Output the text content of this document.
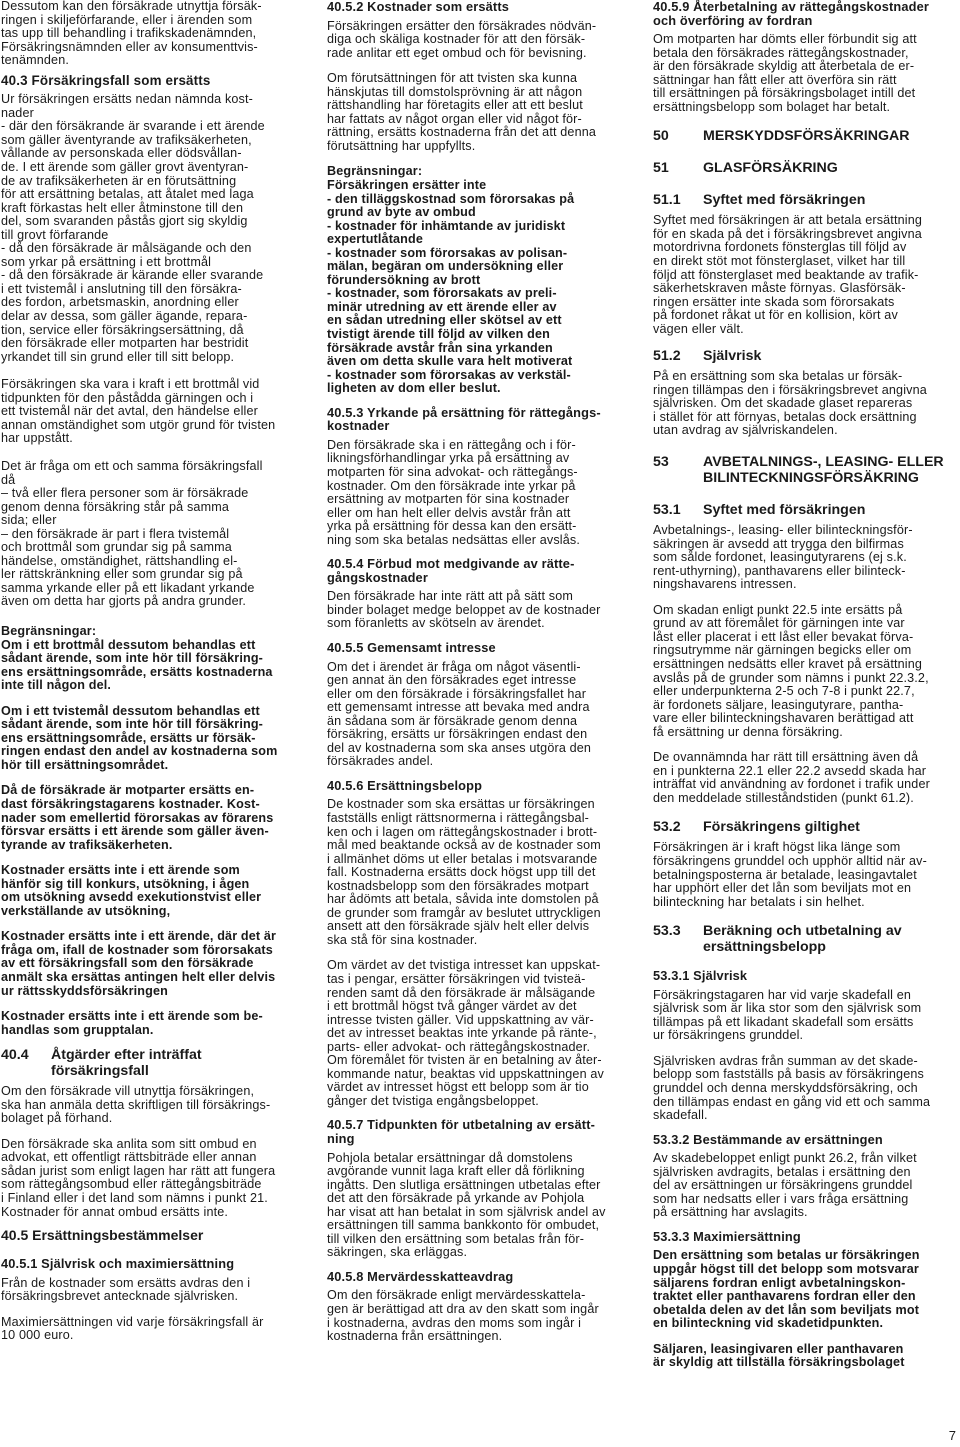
Dessutom kan den försäkrade utnyttja försäk-
ringen i skiljeförfarande, eller i ärenden som
tas upp till behandling i trafikskadenämnden,
Försäkringsnämnden eller av konsumenttvis-
tenämnden.

40.3 Försäkringsfall som ersätts

Ur försäkringen ersätts nedan nämnda kost-
nader
- där den försäkrande är svarande i ett ärende
som gäller äventyrande av trafiksäkerheten,
vållande av personskada eller dödsvållan-
de. I ett ärende som gäller grovt äventyran-
de av trafiksäkerheten är en förutsättning
för att ersättning betalas, att åtalet med laga
kraft förkastas helt eller åtminstone till den
del, som svaranden påstås gjort sig skyldig
till grovt förfarande
- då den försäkrade är målsägande och den
som yrkar på ersättning i ett brottmål
- då den försäkrade är kärande eller svarande
i ett tvistemål i anslutning till den försäkra-
des fordon, arbetsmaskin, anordning eller
delar av dessa, som gäller ägande, repara-
tion, service eller försäkringsersättning, då
den försäkrade eller motparten har bestridit
yrkandet till sin grund eller till sitt belopp.

Försäkringen ska vara i kraft i ett brottmål vid
tidpunkten för den påstådda gärningen och i
ett tvistemål när det avtal, den händelse eller
annan omständighet som utgör grund för tvisten
har uppstått.

Det är fråga om ett och samma försäkringsfall
då
– två eller flera personer som är försäkrade
genom denna försäkring står på samma
sida; eller
– den försäkrade är part i flera tvistemål
och brottmål som grundar sig på samma
händelse, omständighet, rättshandling el-
ler rättskränkning eller som grundar sig på
samma yrkande eller på ett likadant yrkande
även om detta har gjorts på andra grunder.

Begränsningar:
Om i ett brottmål dessutom behandlas ett
sådant ärende, som inte hör till försäkring-
ens ersättningsområde, ersätts kostnaderna
inte till någon del.

Om i ett tvistemål dessutom behandlas ett
sådant ärende, som inte hör till försäkring-
ens ersättningsområde, ersätts ur försäk-
ringen endast den andel av kostnaderna som
hör till ersättningsområdet.

Då de försäkrade är motparter ersätts en-
dast försäkringstagarens kostnader. Kost-
nader som emellertid förorsakas av förarens
försvar ersätts i ett ärende som gäller även-
tyrande av trafiksäkerheten.

Kostnader ersätts inte i ett ärende som
hänför sig till konkurs, utsökning, i ågen
om utsökning avsedd exekutionstvist eller
verkställande av utsökning,

Kostnader ersätts inte i ett ärende, där det är
fråga om, ifall de kostnader som förorsakats
av ett försäkringsfall som den försäkrade
anmält ska ersättas antingen helt eller delvis
ur rättsskyddsförsäkringen

Kostnader ersätts inte i ett ärende som be-
handlas som grupptalan.

40.4	Åtgärder efter inträffat
försäkringsfall

Om den försäkrade vill utnyttja försäkringen,
ska han anmäla detta skriftligen till försäkrings-
bolaget på förhand.

Den försäkrade ska anlita som sitt ombud en
advokat, ett offentligt rättsbiträde eller annan
sådan jurist som enligt lagen har rätt att fungera
som rättegångsombud eller rättegångsbiträde
i Finland eller i det land som nämns i punkt 21.
Kostnader för annat ombud ersätts inte.

40.5 Ersättningsbestämmelser

40.5.1 Självrisk och maximiersättning

Från de kostnader som ersätts avdras den i
försäkringsbrevet antecknade självrisken.

Maximiersättningen vid varje försäkringsfall är
10 000 euro.

40.5.2 Kostnader som ersätts

Försäkringen ersätter den försäkrades nödvän-
diga och skäliga kostnader för att den försäk-
rade anlitar ett eget ombud och för bevisning.

Om förutsättningen för att tvisten ska kunna
hänskjutas till domstolsprövning är att någon
rättshandling har företagits eller att ett beslut
har fattats av något organ eller vid något för-
rättning, ersätts kostnaderna från det att denna
förutsättning har uppfyllts.

Begränsningar:
Försäkringen ersätter inte
- den tilläggskostnad som förorsakas på
grund av byte av ombud
- kostnader för inhämtande av juridiskt
expertutlåtande
- kostnader som förorsakas av polisan-
mälan, begäran om undersökning eller
förundersökning av brott
- kostnader, som förorsakats av preli-
minär utredning av ett ärende eller av
en sådan utredning eller skötsel av ett
tvistigt ärende till följd av vilken den
försäkrade avstår från sina yrkanden
även om detta skulle vara helt motiverat
- kostnader som förorsakas av verkstäl-
ligheten av dom eller beslut.

40.5.3 Yrkande på ersättning för rättegångs-
kostnader

Den försäkrade ska i en rättegång och i för-
likningsförhandlingar yrka på ersättning av
motparten för sina advokat- och rättegångs-
kostnader. Om den försäkrade inte yrkar på
ersättning av motparten för sina kostnader
eller om han helt eller delvis avstår från att
yrka på ersättning för dessa kan den ersätt-
ning som ska betalas nedsättas eller avslås.

40.5.4 Förbud mot medgivande av rätte-
gångskostnader

Den försäkrade har inte rätt att på sätt som
binder bolaget medge beloppet av de kostnader
som föranletts av skötseln av ärendet.

40.5.5 Gemensamt intresse

Om det i ärendet är fråga om något väsentli-
gen annat än den försäkrades eget intresse
eller om den försäkrade i försäkringsfallet har
ett gemensamt intresse att bevaka med andra
än sådana som är försäkrade genom denna
försäkring, ersätts ur försäkringen endast den
del av kostnaderna som ska anses utgöra den
försäkrades andel.

40.5.6 Ersättningsbelopp

De kostnader som ska ersättas ur försäkringen
fastställs enligt rättsnormerna i rättegångsbal-
ken och i lagen om rättegångskostnader i brott-
mål med beaktande också av de kostnader som
i allmänhet döms ut eller betalas i motsvarande
fall. Kostnaderna ersätts dock högst upp till det
kostnadsbelopp som den försäkrades motpart
har ådömts att betala, såvida inte domstolen på
de grunder som framgår av beslutet uttryckligen
ansett att den försäkrade själv helt eller delvis
ska stå för sina kostnader.

Om värdet av det tvistiga intresset kan uppskat-
tas i pengar, ersätter försäkringen vid tvisteä-
renden samt då den försäkrade är målsägande
i ett brottmål högst två gånger värdet av det
intresse tvisten gäller. Vid uppskattning av vär-
det av intresset beaktas inte yrkande på ränte-,
parts- eller advokat- och rättegångskostnader.
Om föremålet för tvisten är en betalning av åter-
kommande natur, beaktas vid uppskattningen av
värdet av intresset högst ett belopp som är tio
gånger det tvistiga engångsbeloppet.

40.5.7 Tidpunkten för utbetalning av ersätt-
ning

Pohjola betalar ersättningar då domstolens
avgörande vunnit laga kraft eller då förlikning
ingåtts. Den slutliga ersättningen utbetalas efter
det att den försäkrade på yrkande av Pohjola
har visat att han betalat in som självrisk andel av
ersättningen till samma bankkonto för ombudet,
till vilken den ersättning som betalas från för-
säkringen, ska erläggas.

40.5.8 Mervärdesskatteavdrag

Om den försäkrade enligt mervärdesskattela-
gen är berättigad att dra av den skatt som ingår
i kostnaderna, avdras den moms som ingår i
kostnaderna från ersättningen.

40.5.9 Återbetalning av rättegångskostnader
och överföring av fordran

Om motparten har dömts eller förbundit sig att
betala den försäkrades rättegångskostnader,
är den försäkrade skyldig att återbetala de er-
sättningar han fått eller att överföra sin rätt
till ersättningen på försäkringsbolaget intill det
ersättningsbelopp som bolaget har betalt.

50	MERSKYDDSFÖRSÄKRINGAR
51	GLASFÖRSÄKRING
51.1	Syftet med försäkringen

Syftet med försäkringen är att betala ersättning
för en skada på det i försäkringsbrevet angivna
motordrivna fordonets fönsterglas till följd av
en direkt stöt mot fönsterglaset, vilket har till
följd att fönsterglaset med beaktande av trafik-
säkerhetskraven måste förnyas. Glasförsäk-
ringen ersätter inte skada som förorsakats
på fordonet råkat ut för en kollision, kört av
vägen eller vält.

51.2	Självrisk

På en ersättning som ska betalas ur försäk-
ringen tillämpas den i försäkringsbrevet angivna
självrisken. Om det skadade glaset repareras
i stället för att förnyas, betalas dock ersättning
utan avdrag av självriskandelen.

53	AVBETALNINGS-, LEASING- ELLER
BILINTECKNINGSFÖRSÄKRING
53.1	Syftet med försäkringen

Avbetalnings-, leasing- eller bilinteckningsför-
säkringen är avsedd att trygga den bilfirmas
som sålde fordonet, leasingutyrarens (ej s.k.
rent-uthyrning), panthavarens eller bilinteck-
ningshavarens intressen.

Om skadan enligt punkt 22.5 inte ersätts på
grund av att föremålet för gärningen inte var
låst eller placerat i ett låst eller bevakat förva-
ringsutrymme när gärningen begicks eller om
ersättningen nedsätts eller kravet på ersättning
avslås på de grunder som nämns i punkt 22.3.2,
eller underpunkterna 2-5 och 7-8 i punkt 22.7,
är fordonets säljare, leasingutyrare, pantha-
vare eller bilinteckningshavaren berättigad att
få ersättning ur denna försäkring.

De ovannämnda har rätt till ersättning även då
en i punkterna 22.1 eller 22.2 avsedd skada har
inträffat vid användning av fordonet i trafik under
den meddelade stilleståndstiden (punkt 61.2).

53.2	Försäkringens giltighet

Försäkringen är i kraft högst lika länge som
försäkringens grunddel och upphör alltid när av-
betalningsposterna är betalade, leasingavtalet
har upphört eller det lån som beviljats mot en
bilinteckning har betalats i sin helhet.

53.3	Beräkning och utbetalning av
ersättningsbelopp

53.3.1 Självrisk

Försäkringstagaren har vid varje skadefall en
självrisk som är lika stor som den självrisk som
tillämpas på ett likadant skadefall som ersätts
ur försäkringens grunddel.

Självrisken avdras från summan av det skade-
belopp som fastställs på basis av försäkringens
grunddel och denna merskyddsförsäkring, och
den tillämpas endast en gång vid ett och samma
skadefall.

53.3.2 Bestämmande av ersättningen

Av skadebeloppet enligt punkt 26.2, från vilket
självrisken avdragits, betalas i ersättning den
del av ersättningen ur försäkringens grunddel
som har nedsatts eller i vars fråga ersättning
på ersättning har avslagits.

53.3.3 Maximiersättning

Den ersättning som betalas ur försäkringen
uppgår högst till det belopp som motsvarar
säljarens fordran enligt avbetalningskon-
traktet eller panthavarens fordran eller den
obetalda delen av det lån som beviljats mot
en bilinteckning vid skadetidpunkten.

Säljaren, leasingivaren eller panthavaren
är skyldig att tillställa försäkringsbolaget

7
